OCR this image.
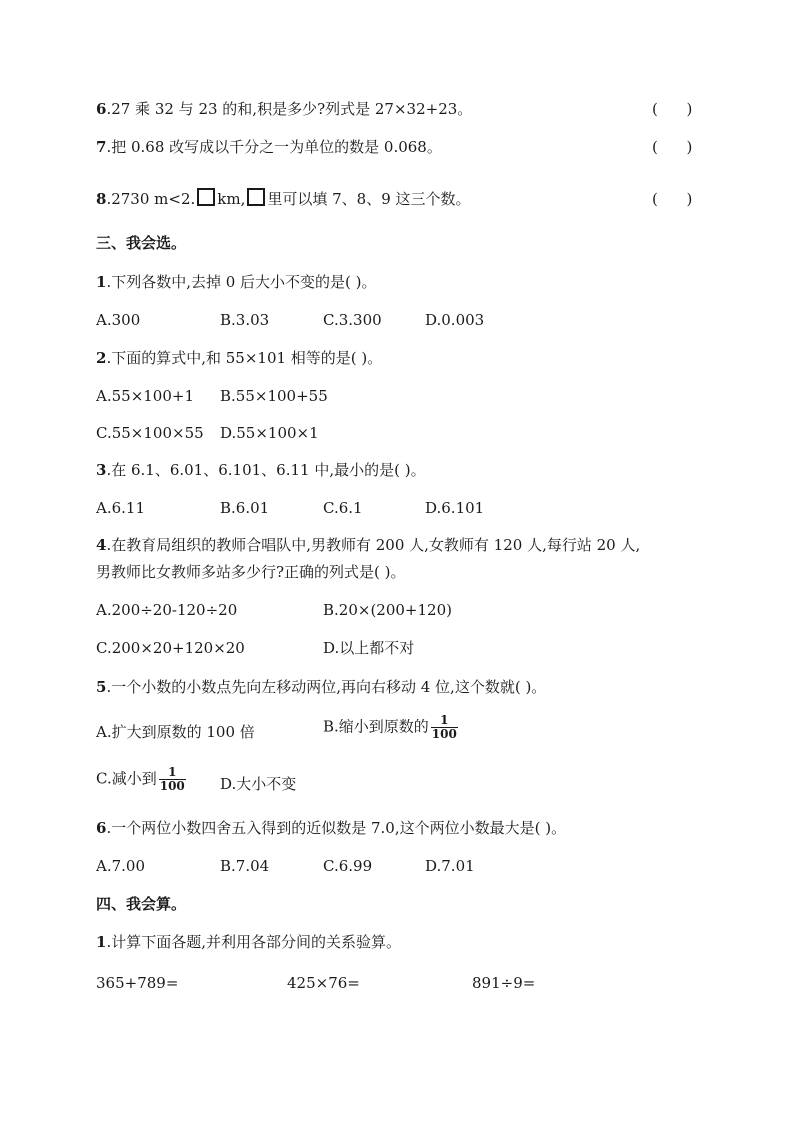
6.27 乘 32 与 23 的和,积是多少?列式是 27×32+23。	(      )
7.把 0.68 改写成以千分之一为单位的数是 0.068。	(      )
8.2730 m<2. km, 里可以填 7、8、9 这三个数。	(      )
三、我会选。
1.下列各数中,去掉 0 后大小不变的是( )。
A.300	B.3.03	C.3.300	D.0.003
2.下面的算式中,和 55×101 相等的是( )。
A.55×100+1 B.55×100+55
C.55×100×55 D.55×100×1
3.在 6.1、6.01、6.101、6.11 中,最小的是( )。
A.6.11	B.6.01	C.6.1	D.6.101
4.在教育局组织的教师合唱队中,男教师有 200 人,女教师有 120 人,每行站 20 人,
男教师比女教师多站多少行?正确的列式是( )。
A.200÷20-120÷20	B.20×(200+120)
C.200×20+120×20	D.以上都不对
5.一个小数的小数点先向左移动两位,再向右移动 4 位,这个数就( )。
A.扩大到原数的 100 倍	B.缩小到原数的 $\frac{1}{100}$
C.减小到 $\frac{1}{100} D$.大小不变
6.一个两位小数四舍五入得到的近似数是 7.0,这个两位小数最大是( )。
A.7.00	B.7.04	C.6.99	D.7.01
四、我会算。
1.计算下面各题,并利用各部分间的关系验算。
365+789=	425×76=	891÷9=
